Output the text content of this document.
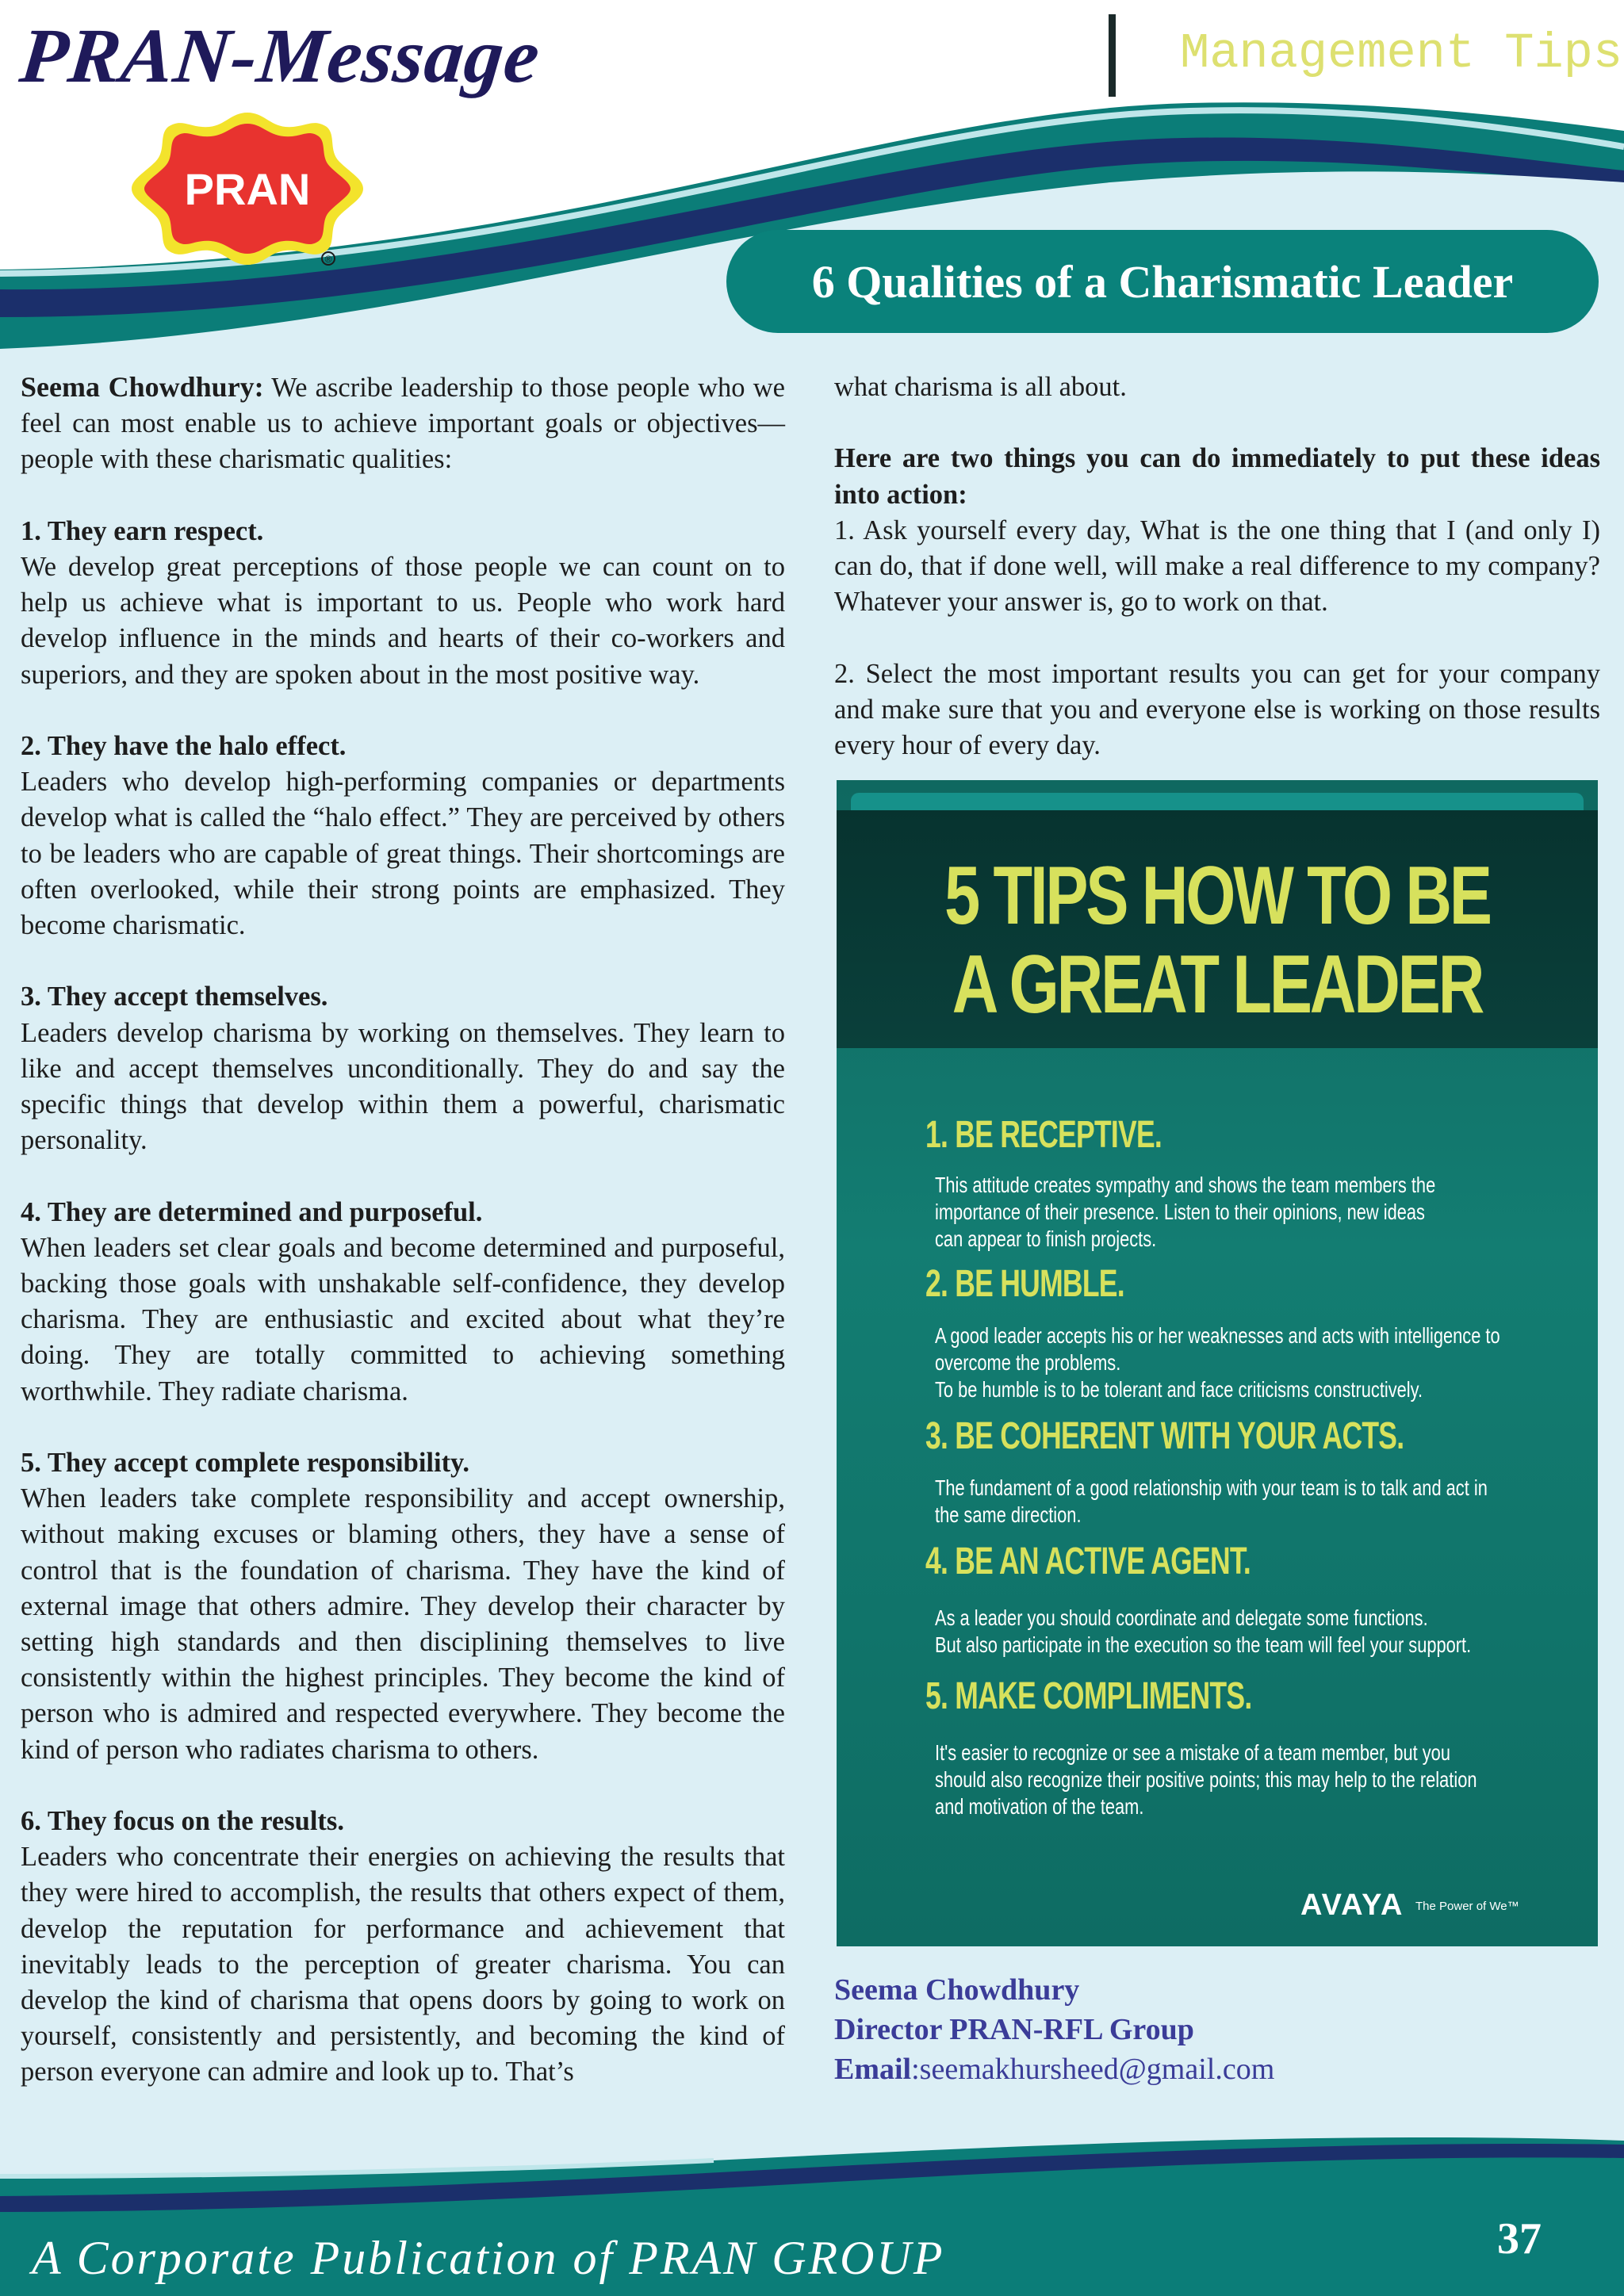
PRAN-Message	Management Tips
PRAN
®	6 Qualities of a Charismatic Leader

Seema Chowdhury: We ascribe leadership to those people who we feel can most enable us to achieve important goals or objectives—people with these charismatic qualities:

1. They earn respect.

We develop great perceptions of those people we can count on to help us achieve what is important to us. People who work hard develop influence in the minds and hearts of their co-workers and superiors, and they are spoken about in the most positive way.

2. They have the halo effect.

Leaders who develop high-performing companies or departments develop what is called the “halo effect.” They are perceived by others to be leaders who are capable of great things. Their shortcomings are often overlooked, while their strong points are emphasized. They become charismatic.

3. They accept themselves.

Leaders develop charisma by working on themselves. They learn to like and accept themselves unconditionally. They do and say the specific things that develop within them a powerful, charismatic personality.

4. They are determined and purposeful.

When leaders set clear goals and become determined and purposeful, backing those goals with unshakable self-confidence, they develop charisma. They are enthusiastic and excited about what they’re doing. They are totally committed to achieving something worthwhile. They radiate charisma.

5. They accept complete responsibility.

When leaders take complete responsibility and accept ownership, without making excuses or blaming others, they have a sense of control that is the foundation of charisma. They have the kind of external image that others admire. They develop their character by setting high standards and then disciplining themselves to live consistently within the highest principles. They become the kind of person who is admired and respected everywhere. They become the kind of person who radiates charisma to others.

6. They focus on the results.

Leaders who concentrate their energies on achieving the results that they were hired to accomplish, the results that others expect of them, develop the reputation for performance and achievement that inevitably leads to the perception of greater charisma. You can develop the kind of charisma that opens doors by going to work on yourself, consistently and persistently, and becoming the kind of person everyone can admire and look up to. That’s

what charisma is all about.

Here are two things you can do immediately to put these ideas into action:

1. Ask yourself every day, What is the one thing that I (and only I) can do, that if done well, will make a real difference to my company? Whatever your answer is, go to work on that.

2. Select the most important results you can get for your company and make sure that you and everyone else is working on those results every hour of every day.

5 TIPS HOW TO BE
A GREAT LEADER
1. BE RECEPTIVE.
This attitude creates sympathy and shows the team members the
importance of their presence. Listen to their opinions, new ideas
can appear to finish projects.
2. BE HUMBLE.
A good leader accepts his or her weaknesses and acts with intelligence to
overcome the problems.
To be humble is to be tolerant and face criticisms constructively.
3. BE COHERENT WITH YOUR ACTS.
The fundament of a good relationship with your team is to talk and act in
the same direction.
4. BE AN ACTIVE AGENT.
As a leader you should coordinate and delegate some functions.
But also participate in the execution so the team will feel your support.
5. MAKE COMPLIMENTS.
It's easier to recognize or see a mistake of a team member, but you
should also recognize their positive points; this may help to the relation
and motivation of the team.
AVAYA The Power of We™
Seema Chowdhury
Director PRAN-RFL Group
Email:seemakhursheed@gmail.com
A Corporate Publication of PRAN GROUP	37
